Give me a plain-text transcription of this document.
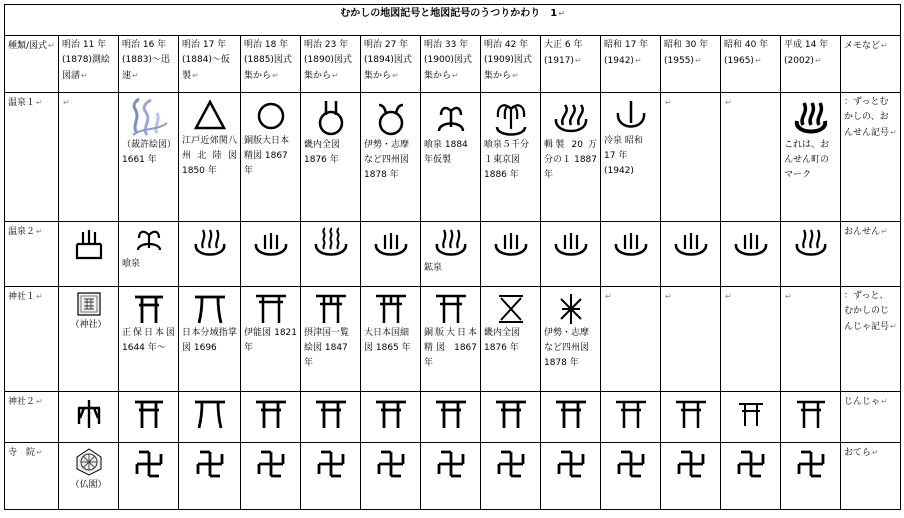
むかしの地図記号と地図記号のうつりかわり　1↵														
種類/図式↵	明治 11 年(1878)測絵図譜↵	明治 16 年(1883)～迅速↵	明治 17 年(1884)～仮製↵	明治 18 年(1885)図式集から↵	明治 23 年(1890)図式集から↵	明治 27 年(1894)図式集から↵	明治 33 年(1900)図式集から↵	明治 42 年(1909)図式集から↵	大正 6 年(1917)↵	昭和 17 年(1942)↵	昭和 30 年(1955)↵	昭和 40 年(1965)↵	平成 14 年(2002)↵	メモなど↵
温泉１↵	↵	（裁許絵図）1661 年	江戸近郊関八州北陸図 1850 年	銅版大日本精図 1867 年	畿内全図 1876 年	伊勢・志摩など四州図 1878 年	喰泉 1884 年仮製	喰泉５千分１東京図 1886 年	輯製 20 万分の１ 1887 年	冷泉 昭和 17 年(1942)	↵	↵	これは、おんせん町のマーク	：ずっとむかしの、おんせん記号↵
温泉２↵		喰泉					鉱泉							おんせん↵
神社１↵	（神社）	正保日本図 1644 年～	日本分域指掌図 1696	伊能図 1821 年	摂津国一覧絵図 1847 年	大日本国細図 1865 年	銅版大日本精図 1867 年	畿内全図 1876 年	伊勢・志摩など四州図 1878 年	↵	↵	↵	↵	：ずっと、むかしのじんじゃ記号↵
神社２↵														じんじゃ↵
寺　院↵	（仏閣）													おてら↵
